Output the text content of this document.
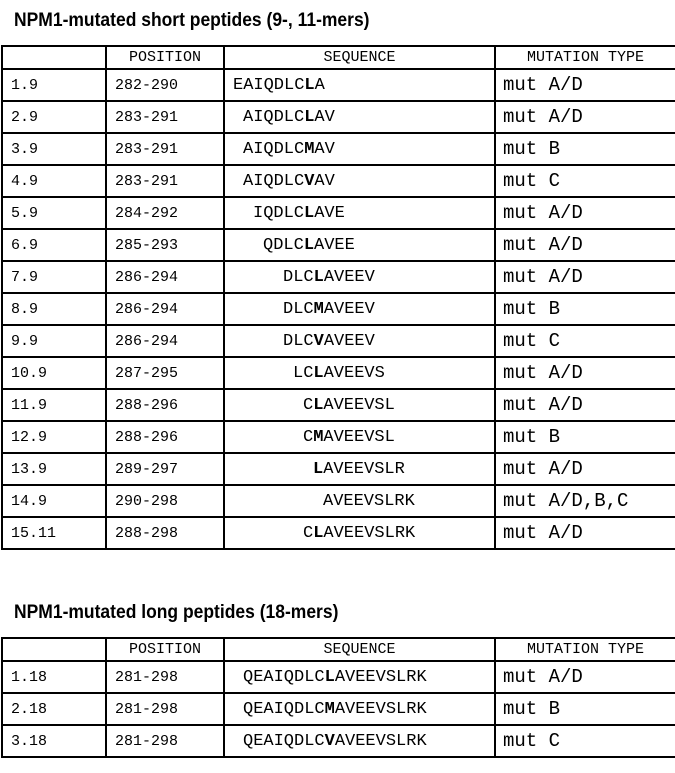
NPM1-mutated short peptides (9-, 11-mers)
	POSITION	SEQUENCE	MUTATION TYPE
1.9	282-290	EAIQDLCLA	mut A/D
2.9	283-291	AIQDLCLAV	mut A/D
3.9	283-291	AIQDLCMAV	mut B
4.9	283-291	AIQDLCVAV	mut C
5.9	284-292	IQDLCLAVE	mut A/D
6.9	285-293	QDLCLAVEE	mut A/D
7.9	286-294	DLCLAVEEV	mut A/D
8.9	286-294	DLCMAVEEV	mut B
9.9	286-294	DLCVAVEEV	mut C
10.9	287-295	LCLAVEEVS	mut A/D
11.9	288-296	CLAVEEVSL	mut A/D
12.9	288-296	CMAVEEVSL	mut B
13.9	289-297	LAVEEVSLR	mut A/D
14.9	290-298	AVEEVSLRK	mut A/D,B,C
15.11	288-298	CLAVEEVSLRK	mut A/D
NPM1-mutated long peptides (18-mers)
	POSITION	SEQUENCE	MUTATION TYPE
1.18	281-298	QEAIQDLCLAVEEVSLRK	mut A/D
2.18	281-298	QEAIQDLCMAVEEVSLRK	mut B
3.18	281-298	QEAIQDLCVAVEEVSLRK	mut C
